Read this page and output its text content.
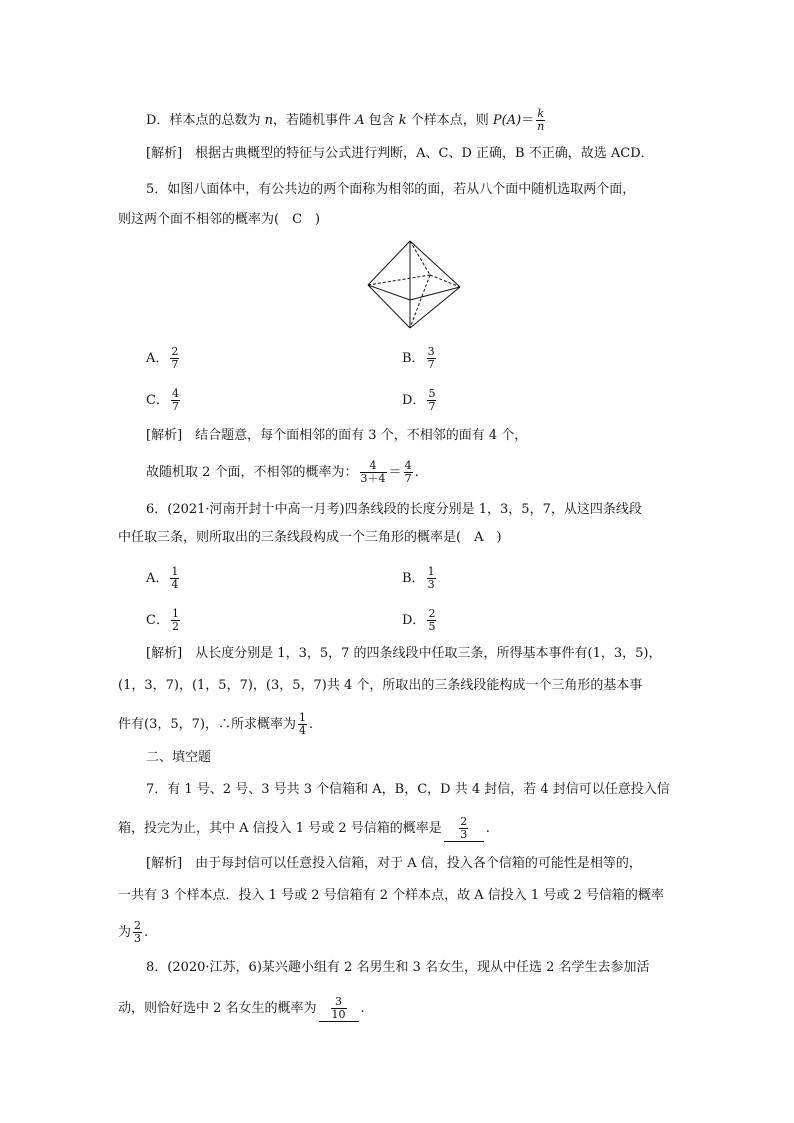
D．样本点的总数为 n，若随机事件 A 包含 k 个样本点，则 $P(A)= \frac{k}{n}$
[解析]　 根据古典概型的特征与公式进行判断，A、C、D 正确，B 不正确，故选 ACD．
5．如图八面体中，有公共边的两个面称为相邻的面，若从八个面中随机选取两个面，
则这两个面不相邻的概率为(　C　)
A． $\frac{2}{7}$	B． $\frac{3}{7}$
C． $\frac{4}{7}$	D． $\frac{5}{7}$
[解析]　 结合题意，每个面相邻的面有 3 个，不相邻的面有 4 个，
故随机取 2 个面，不相邻的概率为： $\frac{4}{3+4} = \frac{4}{7}$ .
6．(2021·河南开封十中高一月考)四条线段的长度分别是 1，3，5，7，从这四条线段
中任取三条，则所取出的三条线段构成一个三角形的概率是(　A　)
A． $\frac{1}{4}$	B． $\frac{1}{3}$
C． $\frac{1}{2}$	D． $\frac{2}{5}$
[解析]　 从长度分别是 1，3，5，7 的四条线段中任取三条，所得基本事件有(1，3，5)，
(1，3，7)，(1，5，7)，(3，5，7)共 4 个，所取出的三条线段能构成一个三角形的基本事
件有(3，5，7)，∴所求概率为 $\frac{1}{4}$ .
二、填空题
7．有 1 号、2 号、3 号共 3 个信箱和 A，B，C，D 共 4 封信，若 4 封信可以任意投入信
箱，投完为止，其中 A 信投入 1 号或 2 号信箱的概率是 $\frac{2}{3}$ .
[解析]　 由于每封信可以任意投入信箱，对于 A 信，投入各个信箱的可能性是相等的，
一共有 3 个样本点．投入 1 号或 2 号信箱有 2 个样本点，故 A 信投入 1 号或 2 号信箱的概率
为 $\frac{2}{3}$ .
8．(2020·江苏，6)某兴趣小组有 2 名男生和 3 名女生，现从中任选 2 名学生去参加活
动，则恰好选中 2 名女生的概率为 $\frac{3}{10}$ .
